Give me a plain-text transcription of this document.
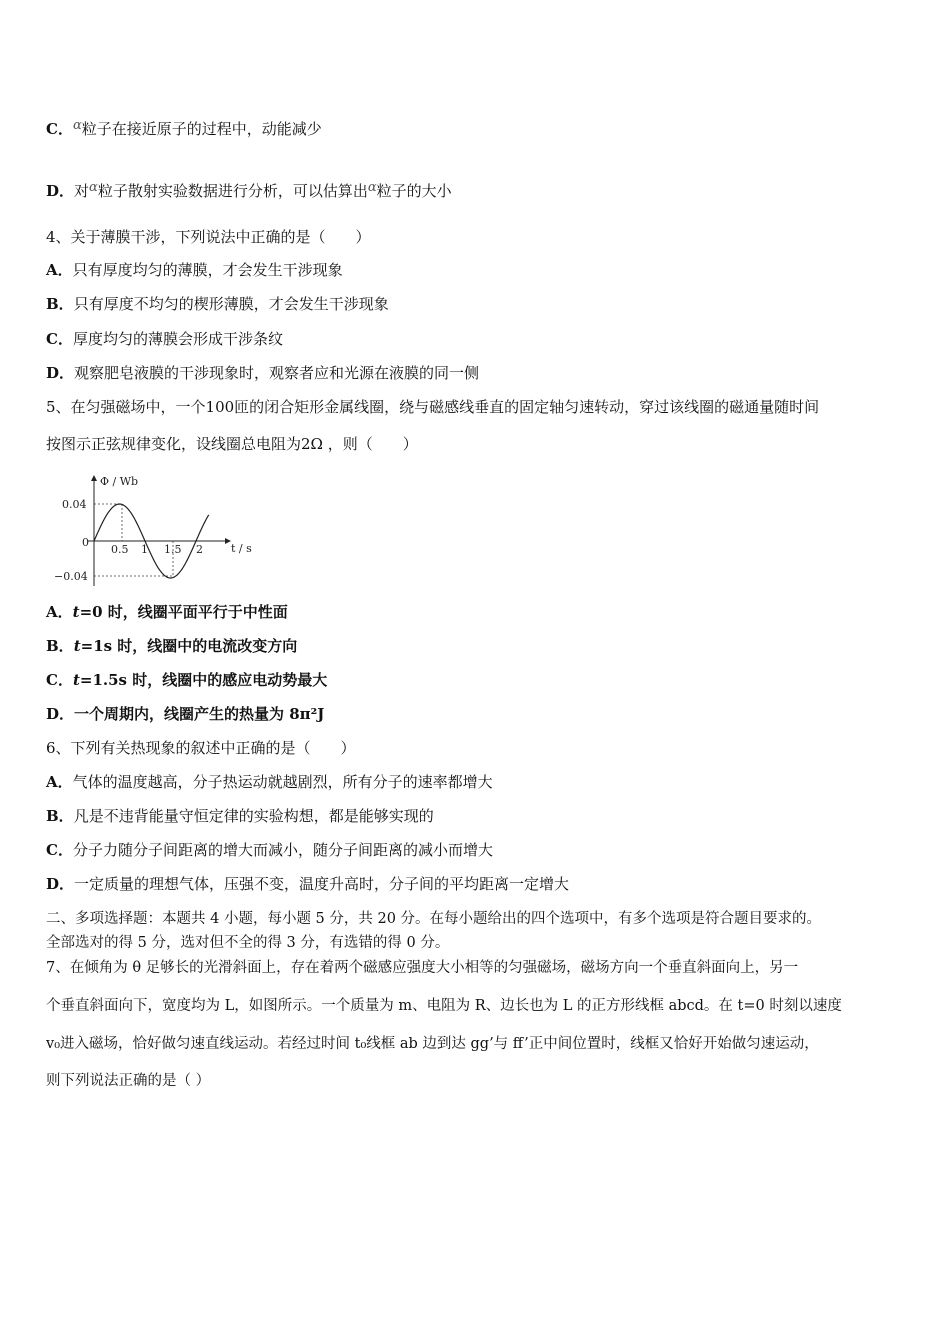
C．α粒子在接近原子的过程中，动能减少
D．对α粒子散射实验数据进行分析，可以估算出α粒子的大小
4、关于薄膜干涉，下列说法中正确的是（　　）
A．只有厚度均匀的薄膜，才会发生干涉现象
B．只有厚度不均匀的楔形薄膜，才会发生干涉现象
C．厚度均匀的薄膜会形成干涉条纹
D．观察肥皂液膜的干涉现象时，观察者应和光源在液膜的同一侧
5、在匀强磁场中，一个100匝的闭合矩形金属线圈，绕与磁感线垂直的固定轴匀速转动，穿过该线圈的磁通量随时间
按图示正弦规律变化，设线圈总电阻为2Ω ，则（　　）
Φ / Wb
t / s
0.04
0
−0.04
0.5 1 1.5 2
A．t=0 时，线圈平面平行于中性面
B．t=1s 时，线圈中的电流改变方向
C．t=1.5s 时，线圈中的感应电动势最大
D．一个周期内，线圈产生的热量为 8π²J
6、下列有关热现象的叙述中正确的是（　　）
A．气体的温度越高，分子热运动就越剧烈，所有分子的速率都增大
B．凡是不违背能量守恒定律的实验构想，都是能够实现的
C．分子力随分子间距离的增大而减小，随分子间距离的减小而增大
D．一定质量的理想气体，压强不变，温度升高时，分子间的平均距离一定增大
二、多项选择题：本题共 4 小题，每小题 5 分，共 20 分。在每小题给出的四个选项中，有多个选项是符合题目要求的。
全部选对的得 5 分，选对但不全的得 3 分，有选错的得 0 分。
7、在倾角为 θ 足够长的光滑斜面上，存在着两个磁感应强度大小相等的匀强磁场，磁场方向一个垂直斜面向上，另一
个垂直斜面向下，宽度均为 L，如图所示。一个质量为 m、电阻为 R、边长也为 L 的正方形线框 abcd。在 t=0 时刻以速度
v₀进入磁场，恰好做匀速直线运动。若经过时间 t₀线框 ab 边到达 gg’与 ff’正中间位置时，线框又恰好开始做匀速运动，
则下列说法正确的是（ ）
